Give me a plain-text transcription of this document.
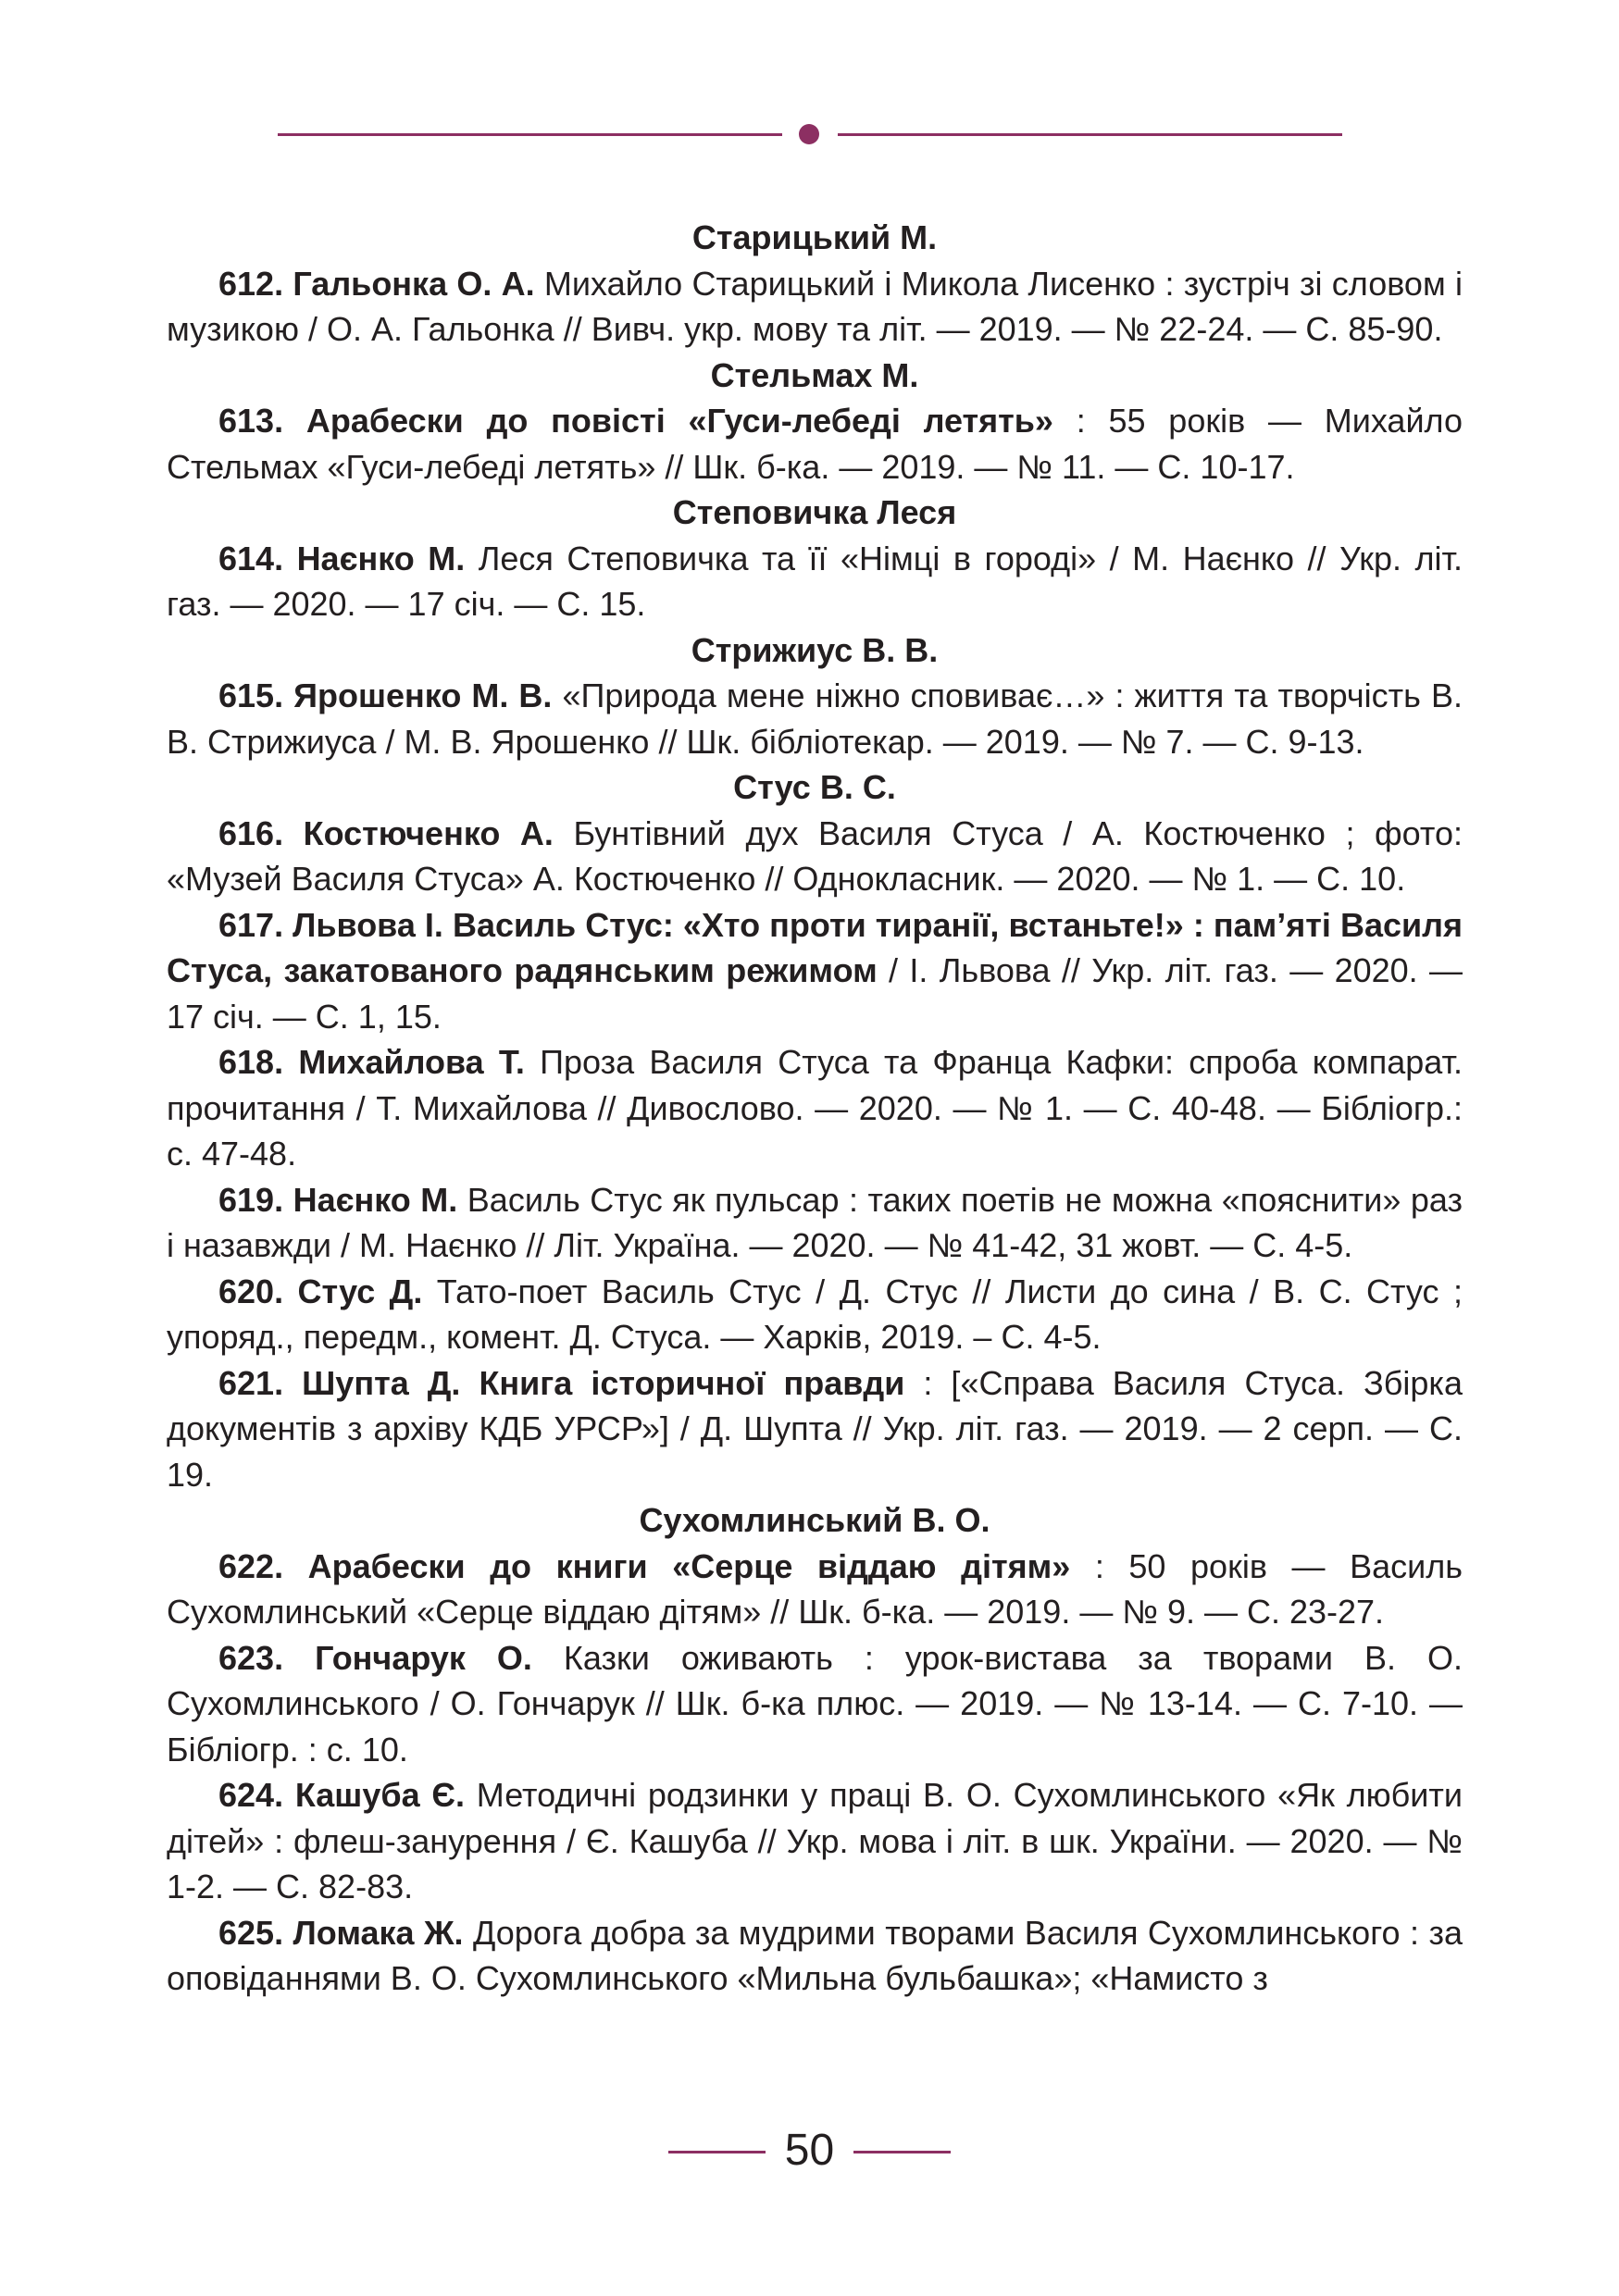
Старицький М.

612. Гальонка О. А. Михайло Старицький і Микола Лисенко : зустріч зі словом і музикою / О. А. Гальонка // Вивч. укр. мову та літ. — 2019. — № 22-24. — С. 85-90.

Стельмах М.

613. Арабески до повісті «Гуси-лебеді летять» : 55 років — Михайло Стельмах «Гуси-лебеді летять» // Шк. б-ка. — 2019. — № 11. — С. 10-17.

Степовичка Леся

614. Наєнко М. Леся Степовичка та її «Німці в городі» / М. Наєнко // Укр. літ. газ. — 2020. — 17 січ. — С. 15.

Стрижиус В. В.

615. Ярошенко М. В. «Природа мене ніжно сповиває…» : життя та творчість В. В. Стрижиуса / М. В. Ярошенко // Шк. бібліотекар. — 2019. — № 7. — С. 9-13.

Стус В. С.

616. Костюченко А. Бунтівний дух Василя Стуса / А. Костюченко ; фото: «Музей Василя Стуса» А. Костюченко // Однокласник. — 2020. — № 1. — С. 10.

617. Львова І. Василь Стус: «Хто проти тиранії, встаньте!» : пам’яті Василя Стуса, закатованого радянським режимом / І. Львова // Укр. літ. газ. — 2020. — 17 січ. — С. 1, 15.

618. Михайлова Т. Проза Василя Стуса та Франца Кафки: спроба компарат. прочитання / Т. Михайлова // Дивослово. — 2020. — № 1. — С. 40-48. — Бібліогр.: с. 47-48.

619. Наєнко М. Василь Стус як пульсар : таких поетів не можна «пояснити» раз і назавжди / М. Наєнко // Літ. Україна. — 2020. — № 41-42, 31 жовт. — С. 4-5.

620. Стус Д. Тато-поет Василь Стус / Д. Стус // Листи до сина / В. С. Стус ; упоряд., передм., комент. Д. Стуса. — Харків, 2019. – С. 4-5.

621. Шупта Д. Книга історичної правди : [«Справа Василя Стуса. Збірка документів з архіву КДБ УРСР»] / Д. Шупта // Укр. літ. газ. — 2019. — 2 серп. — С. 19.

Сухомлинський В. О.

622. Арабески до книги «Серце віддаю дітям» : 50 років — Василь Сухомлинський «Серце віддаю дітям» // Шк. б-ка. — 2019. — № 9. — С. 23-27.

623. Гончарук О. Казки оживають : урок-вистава за творами В. О. Сухомлинського / О. Гончарук // Шк. б-ка плюс. — 2019. — № 13-14. — С. 7-10. — Бібліогр. : с. 10.

624. Кашуба Є. Методичні родзинки у праці В. О. Сухомлинського «Як любити дітей» : флеш-занурення / Є. Кашуба // Укр. мова і літ. в шк. України. — 2020. — № 1-2. — С. 82-83.

625. Ломака Ж. Дорога добра за мудрими творами Василя Сухомлинського : за оповіданнями В. О. Сухомлинського «Мильна бульбашка»; «Намисто з

50
